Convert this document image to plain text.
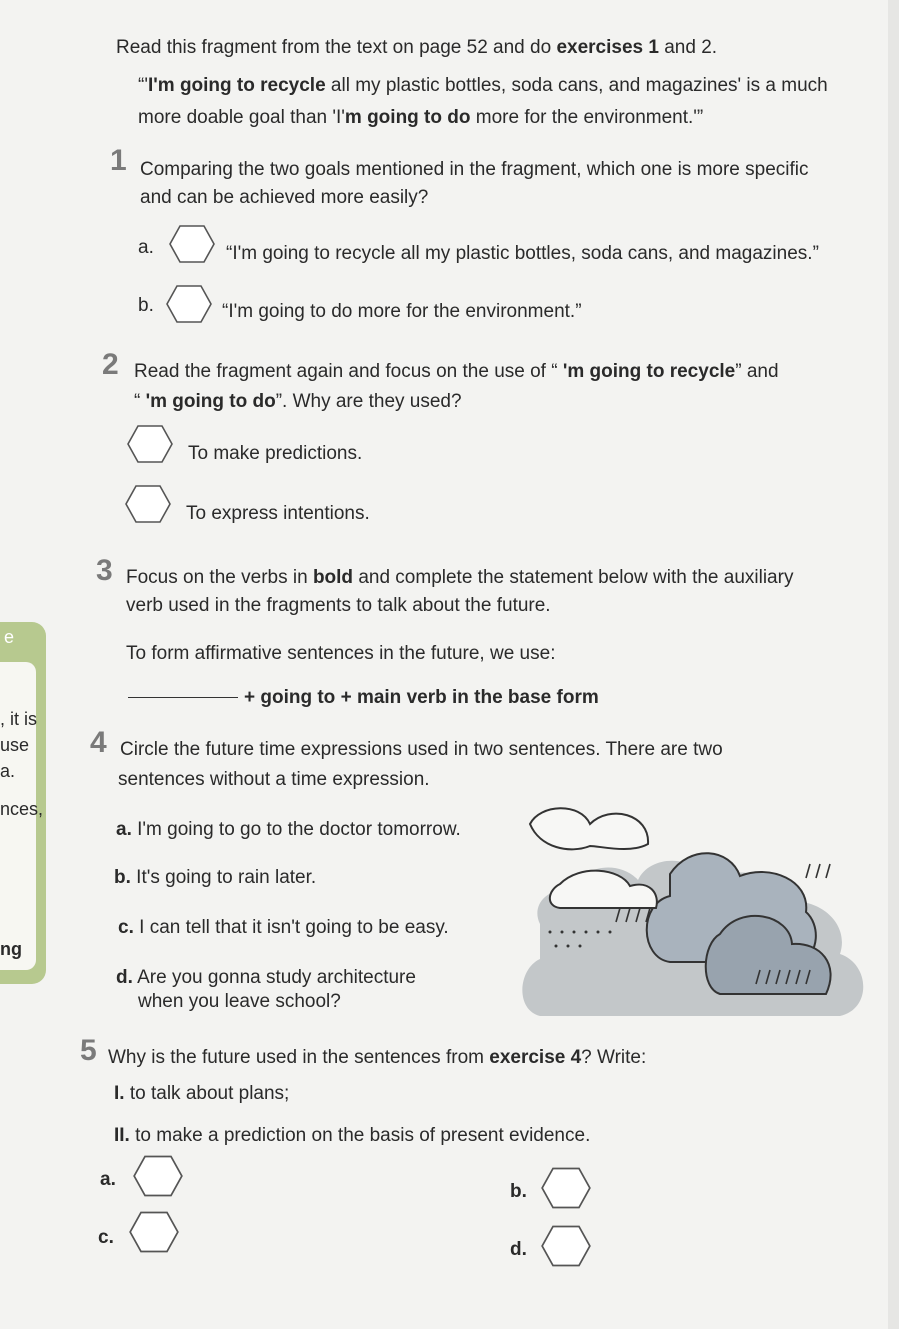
Read this fragment from the text on page 52 and do exercises 1 and 2.
“'I'm going to recycle all my plastic bottles, soda cans, and magazines' is a much
more doable goal than 'I'm going to do more for the environment.'”
1 Comparing the two goals mentioned in the fragment, which one is more specific
and can be achieved more easily?
a.	“I'm going to recycle all my plastic bottles, soda cans, and magazines.”
b.	“I'm going to do more for the environment.”
2 Read the fragment again and focus on the use of “ 'm going to recycle” and
“ 'm going to do”. Why are they used?
To make predictions.
To express intentions.
3 Focus on the verbs in bold and complete the statement below with the auxiliary
verb used in the fragments to talk about the future.
To form affirmative sentences in the future, we use:
+ going to + main verb in the base form
e
, it is
use
a.
nces,
ng
4 Circle the future time expressions used in two sentences. There are two
sentences without a time expression.
a. I'm going to go to the doctor tomorrow.
b. It's going to rain later.
c. I can tell that it isn't going to be easy.
d. Are you gonna study architecture
when you leave school?
5 Why is the future used in the sentences from exercise 4? Write:
I. to talk about plans;
II. to make a prediction on the basis of present evidence.
a.
b.
c.
d.
